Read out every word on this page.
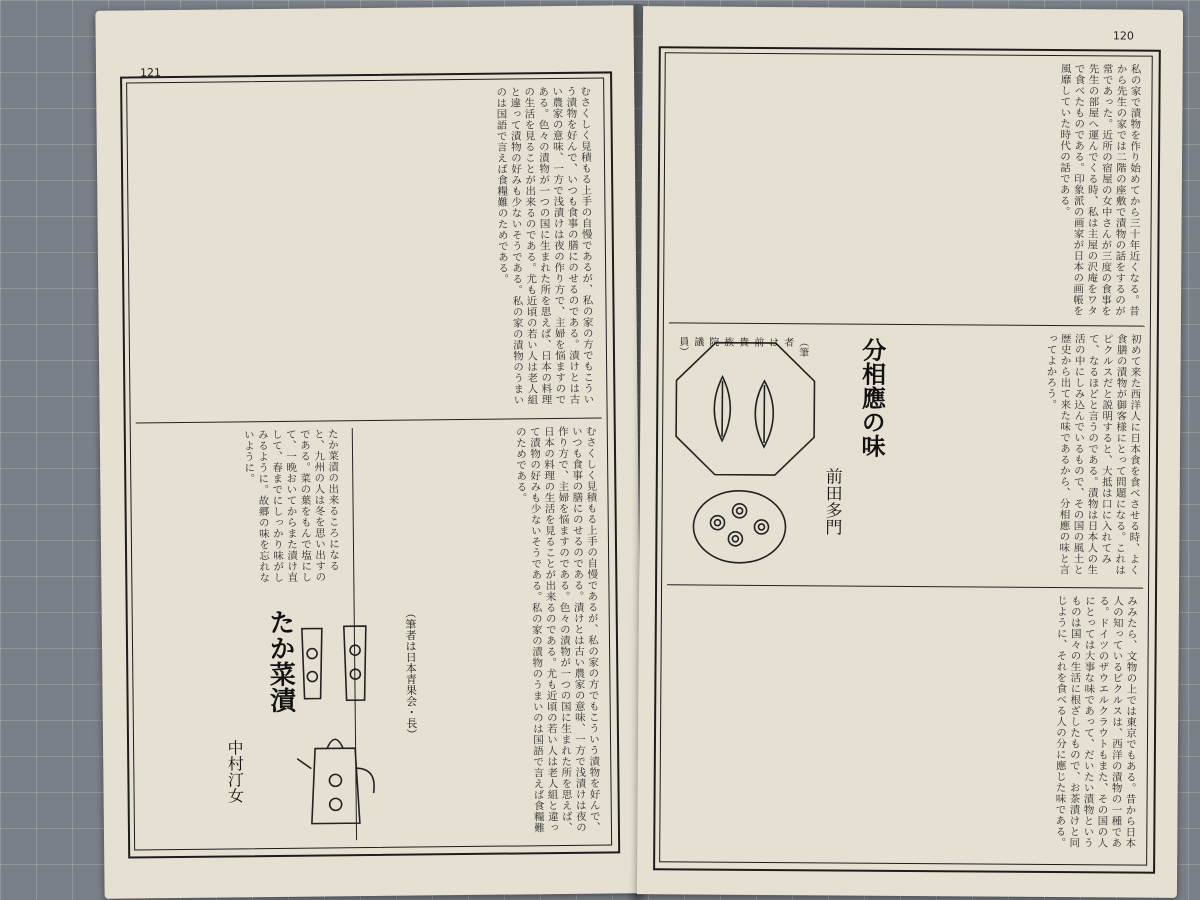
121
むさくしく見積もる上手の自慢であるが、私の家の方でもこういう漬物を好んで、いつも食事の膳にのせるのである。漬けとは古い農家の意味、一方で浅漬けは夜の作り方で、主婦を悩ますのである。色々の漬物が一つの国に生まれた所を思えば、日本の料理の生活を見ることが出来るのである。尤も近頃の若い人は老人組と違って漬物の好みも少ないそうである。私の家の漬物のうまいのは国語で言えば食糧難のためである。
むさくしく見積もる上手の自慢であるが、私の家の方でもこういう漬物を好んで、いつも食事の膳にのせるのである。漬けとは古い農家の意味、一方で浅漬けは夜の作り方で、主婦を悩ますのである。色々の漬物が一つの国に生まれた所を思えば、日本の料理の生活を見ることが出来るのである。尤も近頃の若い人は老人組と違って漬物の好みも少ないそうである。私の家の漬物のうまいのは国語で言えば食糧難のためである。
（筆者は日本青果会・長）
たか菜漬
中村汀女
たか菜漬の出来るころになると、九州の人は冬を思い出すのである。菜の葉をもんで塩にして、一晩おいてからまた漬け直して、春までにしっかり味がしみるように。故郷の味を忘れないように。
120
私の家で漬物を作り始めてから三十年近くなる。昔から先生の家では二階の座敷で漬物の話をするのが常であった。近所の宿屋の女中さんが三度の食事を先生の部屋へ運んでくる時、私は主屋の沢庵をワタで食べたものである。印象派の画家が日本の画帳を風靡していた時代の話である。
初めて来た西洋人に日本食を食べさせる時、よく食膳の漬物が御客様にとって問題になる。これはピクルスだと説明すると、大抵は口に入れてみて、なるほどと言うのである。漬物は日本人の生活の中にしみ込んでいるもので、その国の風土と歴史から出て来た味であるから、分相應の味と言ってよかろう。
分相應の味
前田多門
みみたら、文物の上では東京でもある。昔から日本人の知っているピクルスは、西洋の漬物の一種である。ドイツのザウエルクラウトもまた、その国の人にとっては大事な味であって、だいたい漬物というものは国々の生活に根ざしたもので、お茶漬けと同じように、それを食べる人の分に應じた味である。
（筆者は前貴族院議員）
